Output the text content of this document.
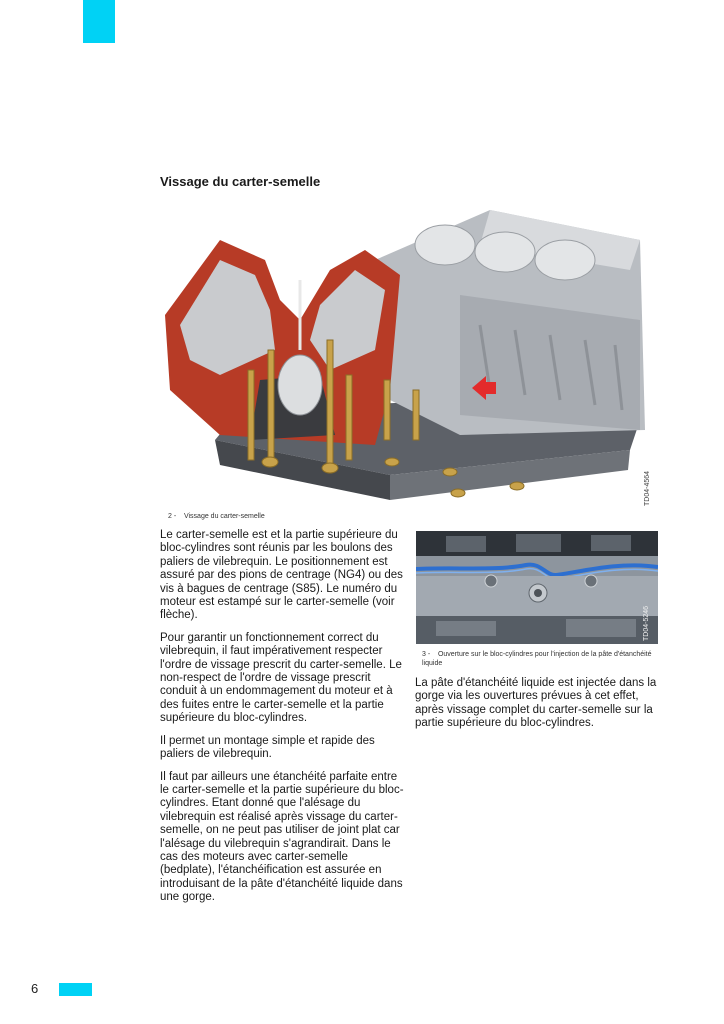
Vissage du carter-semelle
TD04-4564
2 - Vissage du carter-semelle

Le carter-semelle est et la partie supérieure du bloc-cylindres sont réunis par les boulons des paliers de vilebrequin. Le positionnement est assuré par des pions de centrage (NG4) ou des vis à bagues de centrage (S85). Le numéro du moteur est estampé sur le carter-semelle (voir flèche).

Pour garantir un fonctionnement correct du vilebrequin, il faut impérativement respecter l'ordre de vissage prescrit du carter-semelle. Le non-respect de l'ordre de vissage prescrit conduit à un endommagement du moteur et à des fuites entre le carter-semelle et la partie supérieure du bloc-cylindres.

Il permet un montage simple et rapide des paliers de vilebrequin.

Il faut par ailleurs une étanchéité parfaite entre le carter-semelle et la partie supérieure du bloc-cylindres. Etant donné que l'alésage du vilebrequin est réalisé après vissage du carter-semelle, on ne peut pas utiliser de joint plat car l'alésage du vilebrequin s'agrandirait. Dans le cas des moteurs avec carter-semelle (bedplate), l'étanchéification est assurée en introduisant de la pâte d'étanchéité liquide dans une gorge.

TD04-5246
3 - Ouverture sur le bloc-cylindres pour l'injection de la pâte d'étanchéité liquide

La pâte d'étanchéité liquide est injectée dans la gorge via les ouvertures prévues à cet effet, après vissage complet du carter-semelle sur la partie supérieure du bloc-cylindres.

6
